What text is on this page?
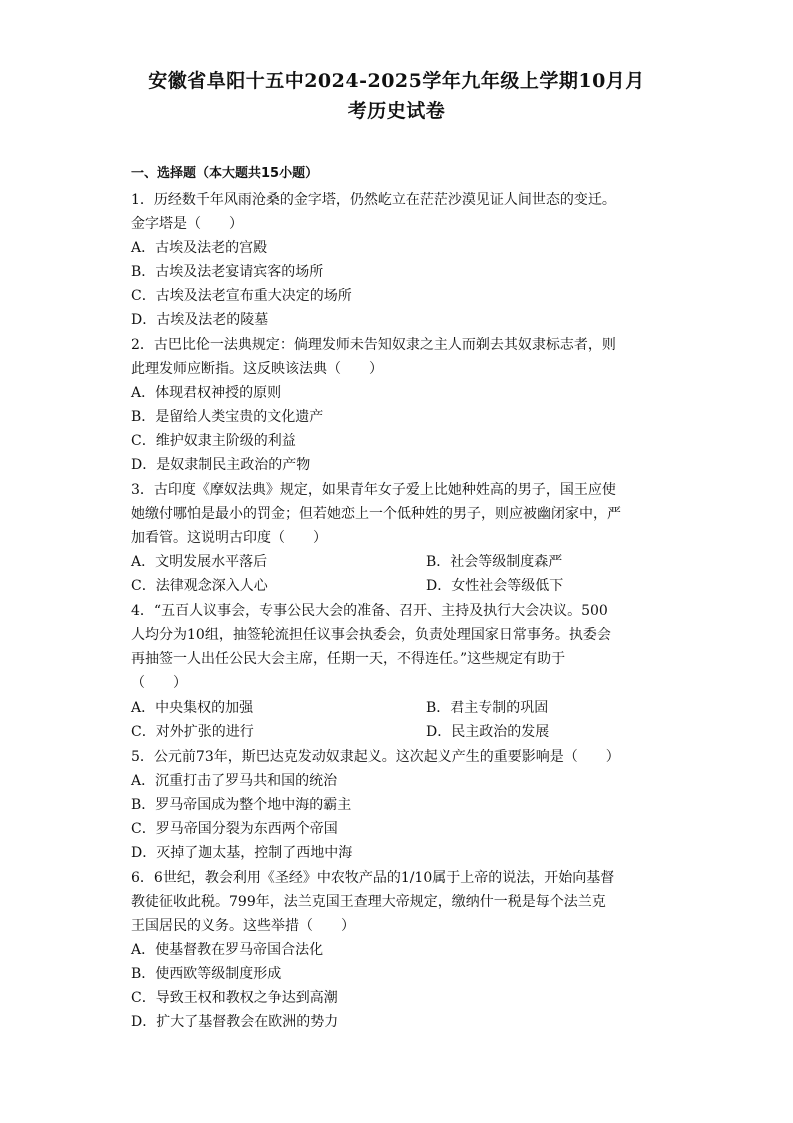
安徽省阜阳十五中2024-2025学年九年级上学期10月月
考历史试卷
一、选择题（本大题共15小题）
1．历经数千年风雨沧桑的金字塔，仍然屹立在茫茫沙漠见证人间世态的变迁。
金字塔是（　　）
A．古埃及法老的宫殿
B．古埃及法老宴请宾客的场所
C．古埃及法老宣布重大决定的场所
D．古埃及法老的陵墓
2．古巴比伦一法典规定：倘理发师未告知奴隶之主人而剃去其奴隶标志者，则
此理发师应断指。这反映该法典（　　）
A．体现君权神授的原则
B．是留给人类宝贵的文化遗产
C．维护奴隶主阶级的利益
D．是奴隶制民主政治的产物
3．古印度《摩奴法典》规定，如果青年女子爱上比她种姓高的男子，国王应使
她缴付哪怕是最小的罚金；但若她恋上一个低种姓的男子，则应被幽闭家中，严
加看管。这说明古印度（　　）
A．文明发展水平落后	B．社会等级制度森严
C．法律观念深入人心	D．女性社会等级低下
4．“五百人议事会，专事公民大会的准备、召开、主持及执行大会决议。500
人均分为10组，抽签轮流担任议事会执委会，负责处理国家日常事务。执委会
再抽签一人出任公民大会主席，任期一天，不得连任。”这些规定有助于
（　　）
A．中央集权的加强	B．君主专制的巩固
C．对外扩张的进行	D．民主政治的发展
5．公元前73年，斯巴达克发动奴隶起义。这次起义产生的重要影响是（　　）
A．沉重打击了罗马共和国的统治
B．罗马帝国成为整个地中海的霸主
C．罗马帝国分裂为东西两个帝国
D．灭掉了迦太基，控制了西地中海
6．6世纪，教会利用《圣经》中农牧产品的1/10属于上帝的说法，开始向基督
教徒征收此税。799年，法兰克国王查理大帝规定，缴纳什一税是每个法兰克
王国居民的义务。这些举措（　　）
A．使基督教在罗马帝国合法化
B．使西欧等级制度形成
C．导致王权和教权之争达到高潮
D．扩大了基督教会在欧洲的势力
